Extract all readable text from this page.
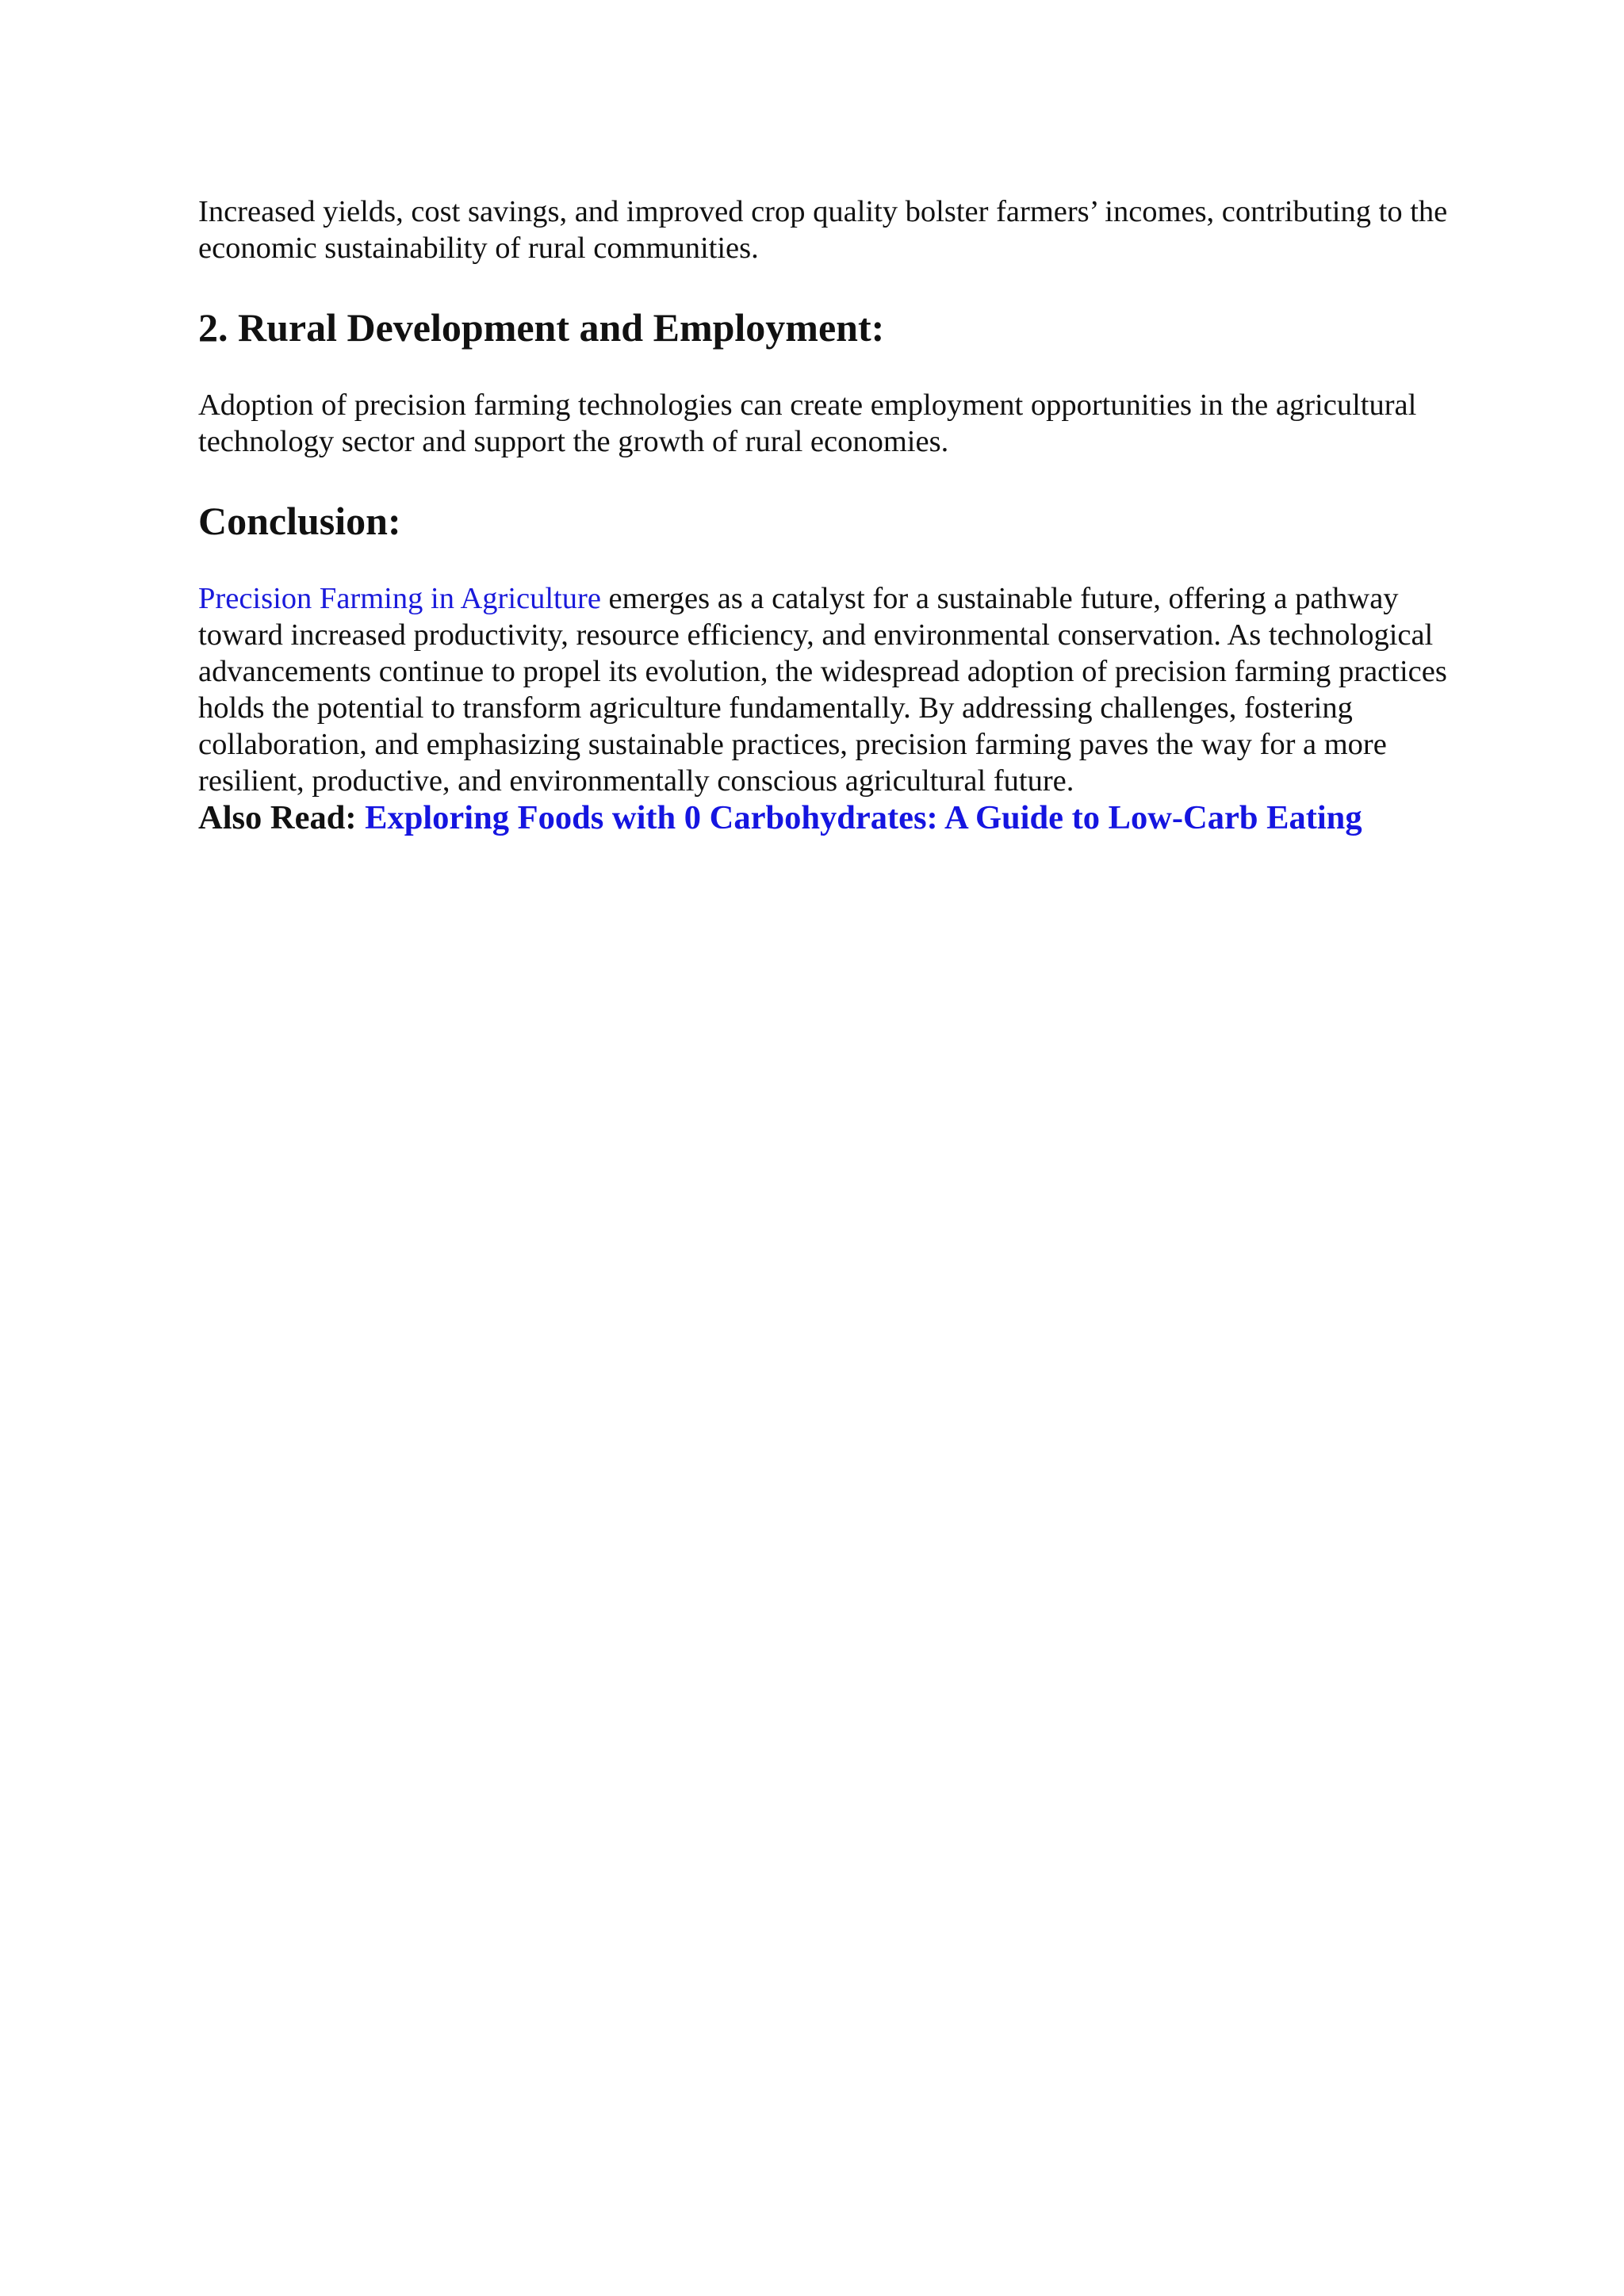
Increased yields, cost savings, and improved crop quality bolster farmers’ incomes, contributing to the economic sustainability of rural communities.

2. Rural Development and Employment:

Adoption of precision farming technologies can create employment opportunities in the agricultural technology sector and support the growth of rural economies.

Conclusion:

Precision Farming in Agriculture emerges as a catalyst for a sustainable future, offering a pathway toward increased productivity, resource efficiency, and environmental conservation. As technological advancements continue to propel its evolution, the widespread adoption of precision farming practices holds the potential to transform agriculture fundamentally. By addressing challenges, fostering collaboration, and emphasizing sustainable practices, precision farming paves the way for a more resilient, productive, and environmentally conscious agricultural future.

Also Read: Exploring Foods with 0 Carbohydrates: A Guide to Low-Carb Eating
